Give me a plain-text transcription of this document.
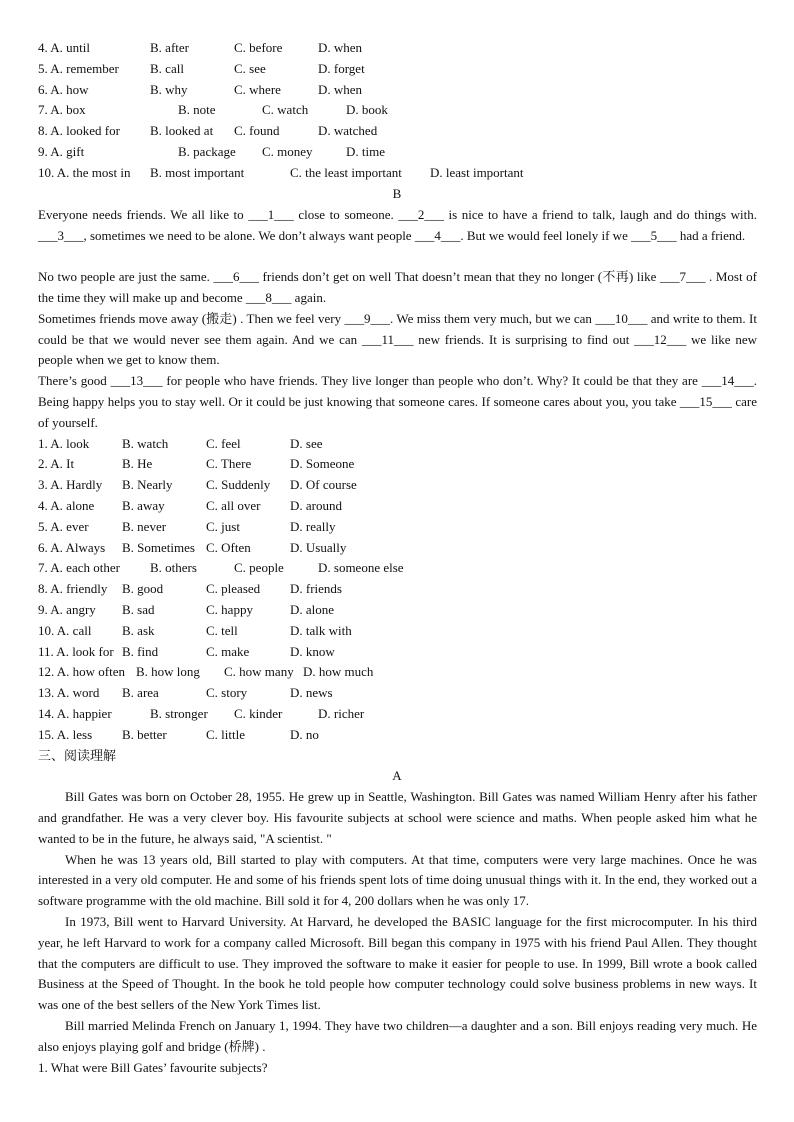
4. A. until	B. after	C. before	D. when
5. A. remember B. call	C. see	D. forget
6. A. how	B. why	C. where	D. when
7. A. box	B. note	C. watch	D. book
8. A. looked for B. looked at C. found	D. watched
9. A. gift	B. package C. money	D. time
10. A. the most in B. most important	C. the least important D. least important
B
Everyone needs friends. We all like to ___1___ close to someone. ___2___ is nice to have a friend to talk, laugh and do things with. ___3___, sometimes we need to be alone. We don’t always want people ___4___. But we would feel lonely if we ___5___ had a friend.
No two people are just the same. ___6___ friends don’t get on well That doesn’t mean that they no longer (不再) like ___7___ . Most of the time they will make up and become ___8___ again.
Sometimes friends move away (搬走) . Then we feel very ___9___. We miss them very much, but we can ___10___ and write to them. It could be that we would never see them again. And we can ___11___ new friends. It is surprising to find out ___12___ we like new people when we get to know them.
There’s good ___13___ for people who have friends. They live longer than people who don’t. Why? It could be that they are ___14___. Being happy helps you to stay well. Or it could be just knowing that someone cares. If someone cares about you, you take ___15___ care of yourself.
1. A. look	B. watch	C. feel	D. see
2. A. It	B. He	C. There	D. Someone
3. A. Hardly B. Nearly	C. Suddenly D. Of course
4. A. alone B. away	C. all over D. around
5. A. ever	B. never	C. just	D. really
6. A. Always B. Sometimes C. Often	D. Usually
7. A. each other B. others	C. people	D. someone else
8. A. friendly B. good	C. pleased D. friends
9. A. angry B. sad	C. happy	D. alone
10. A. call B. ask	C. tell	D. talk with
11. A. look for B. find	C. make	D. know
12. A. how often B. how long C. how many D. how much
13. A. word B. area	C. story	D. news
14. A. happier	B. stronger C. kinder	D. richer
15. A. less B. better	C. little	D. no
三、阅读理解
A
Bill Gates was born on October 28, 1955. He grew up in Seattle, Washington. Bill Gates was named William Henry after his father and grandfather. He was a very clever boy. His favourite subjects at school were science and maths. When people asked him what he wanted to be in the future, he always said, "A scientist. "
When he was 13 years old, Bill started to play with computers. At that time, computers were very large machines. Once he was interested in a very old computer. He and some of his friends spent lots of time doing unusual things with it. In the end, they worked out a software programme with the old machine. Bill sold it for 4, 200 dollars when he was only 17.
In 1973, Bill went to Harvard University. At Harvard, he developed the BASIC language for the first microcomputer. In his third year, he left Harvard to work for a company called Microsoft. Bill began this company in 1975 with his friend Paul Allen. They thought that the computers are difficult to use. They improved the software to make it easier for people to use. In 1999, Bill wrote a book called Business at the Speed of Thought. In the book he told people how computer technology could solve business problems in new ways. It was one of the best sellers of the New York Times list.
Bill married Melinda French on January 1, 1994. They have two children—a daughter and a son. Bill enjoys reading very much. He also enjoys playing golf and bridge (桥牌) .
1. What were Bill Gates’ favourite subjects?
